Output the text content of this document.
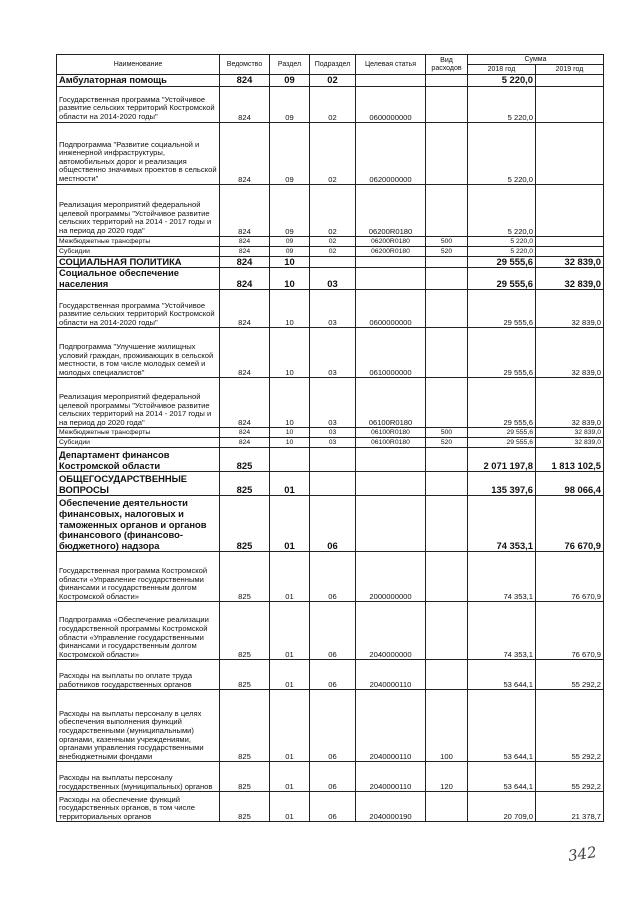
Наименование	Ведомство	Раздел	Подраздел	Целевая статья	Вид расходов	Сумма	
						2018 год	2019 год
Амбулаторная помощь	824	09	02			5 220,0	
Государственная программа "Устойчивое развитие сельских территорий Костромской области на 2014-2020 годы"	824	09	02	0600000000		5 220,0	
Подпрограмма "Развитие социальной и инженерной инфраструктуры, автомобильных дорог и реализация общественно значимых проектов в сельской местности"	824	09	02	0620000000		5 220,0	
Реализация мероприятий федеральной целевой программы "Устойчивое развитие сельских территорий на 2014 - 2017 годы и на период до 2020 года"	824	09	02	06200R0180		5 220,0	
Межбюджетные трансферты	824	09	02	06200R0180	500	5 220,0	
Субсидии	824	09	02	06200R0180	520	5 220,0	
СОЦИАЛЬНАЯ ПОЛИТИКА	824	10				29 555,6	32 839,0
Социальное обеспечение населения	824	10	03			29 555,6	32 839,0
Государственная программа "Устойчивое развитие сельских территорий Костромской области на 2014-2020 годы"	824	10	03	0600000000		29 555,6	32 839,0
Подпрограмма "Улучшение жилищных условий граждан, проживающих в сельской местности, в том числе молодых семей и молодых специалистов"	824	10	03	0610000000		29 555,6	32 839,0
Реализация мероприятий федеральной целевой программы "Устойчивое развитие сельских территорий на 2014 - 2017 годы и на период до 2020 года"	824	10	03	06100R0180		29 555,6	32 839,0
Межбюджетные трансферты	824	10	03	06100R0180	500	29 555,6	32 839,0
Субсидии	824	10	03	06100R0180	520	29 555,6	32 839,0
Департамент финансов Костромской области	825					2 071 197,8	1 813 102,5
ОБЩЕГОСУДАРСТВЕННЫЕ ВОПРОСЫ	825	01				135 397,6	98 066,4
Обеспечение деятельности финансовых, налоговых и таможенных органов и органов финансового (финансово-бюджетного) надзора	825	01	06			74 353,1	76 670,9
Государственная программа Костромской области «Управление государственными финансами и государственным долгом Костромской области»	825	01	06	2000000000		74 353,1	76 670,9
Подпрограмма «Обеспечение реализации государственной программы Костромской области «Управление государственными финансами и государственным долгом Костромской области»	825	01	06	2040000000		74 353,1	76 670,9
Расходы на выплаты по оплате труда работников государственных органов	825	01	06	2040000110		53 644,1	55 292,2
Расходы на выплаты персоналу в целях обеспечения выполнения функций государственными (муниципальными) органами, казенными учреждениями, органами управления государственными внебюджетными фондами	825	01	06	2040000110	100	53 644,1	55 292,2
Расходы на выплаты персоналу государственных (муниципальных) органов	825	01	06	2040000110	120	53 644,1	55 292,2
Расходы на обеспечение функций государственных органов, в том числе территориальных органов	825	01	06	2040000190		20 709,0	21 378,7
342
